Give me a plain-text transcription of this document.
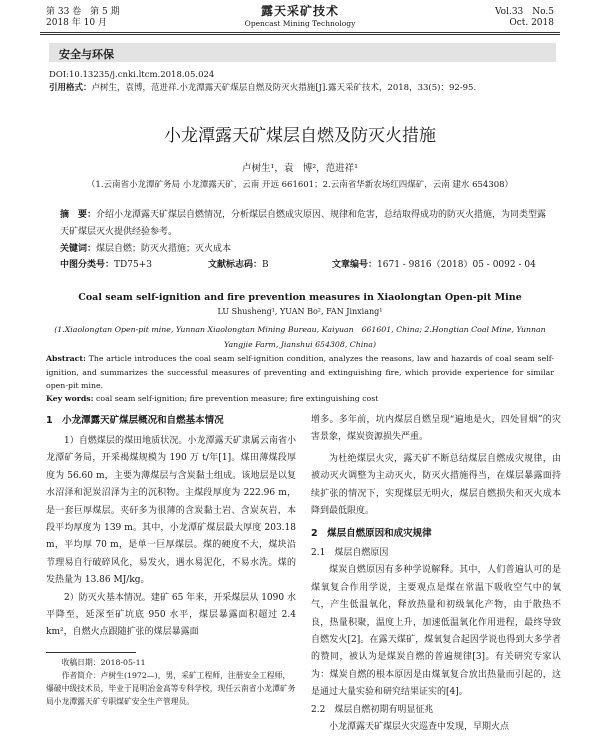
第 33 卷　第 5 期
2018 年 10 月
露天采矿技术
Opencast Mining Technology
Vol.33　No.5
Oct. 2018
安全与环保
DOI:10.13235/j.cnki.ltcm.2018.05.024
引用格式：卢树生，袁博，范进祥.小龙潭露天矿煤层自燃及防灭火措施[J].露天采矿技术，2018，33(5)：92-95.
小龙潭露天矿煤层自燃及防灭火措施
卢树生¹，袁　博²，范进祥¹
（1.云南省小龙潭矿务局 小龙潭露天矿，云南 开远 661601；2.云南省华新农场红四煤矿，云南 建水 654308）
摘　要：介绍小龙潭露天矿煤层自燃情况，分析煤层自燃成灾原因、规律和危害，总结取得成功的防灭火措施，为同类型露天矿煤层灭火提供经验参考。
关键词：煤层自燃；防灭火措施；灭火成本
中图分类号：TD75+3	文献标志码：B	文章编号：1671 - 9816（2018）05 - 0092 - 04
Coal seam self-ignition and fire prevention measures in Xiaolongtan Open-pit Mine
LU Shusheng¹, YUAN Bo², FAN Jinxiang¹
(1.Xiaolongtan Open-pit mine, Yunnan Xiaolongtan Mining Bureau, Kaiyuan　661601, China; 2.Hongtian Coal Mine, Yunnan
Yangjie Farm, Jianshui 654308, China)
Abstract: The article introduces the coal seam self-ignition condition, analyzes the reasons, law and hazards of coal seam self-ignition, and summarizes the successful measures of preventing and extinguishing fire, which provide experience for similar open-pit mine.
Key words: coal seam self-ignition; fire prevention measure; fire extinguishing cost
1　小龙潭露天矿煤层概况和自燃基本情况

1）自燃煤层的煤田地质状况。小龙潭露天矿隶属云南省小龙潭矿务局，开采褐煤规模为 190 万 t/年[1]。煤田薄煤段厚度为 56.60 m，主要为薄煤层与含炭黏土组成。该地层是以复水沼泽和泥炭沼泽为主的沉积物。主煤段厚度为 222.96 m，是一套巨厚煤层。夹矸多为很薄的含炭黏土岩、含炭灰岩，本段平均厚度为 139 m。其中，小龙潭矿煤层最大厚度 203.18 m，平均厚 70 m，是单一巨厚煤层。煤的硬度不大，煤块沿节理易自行破碎风化，易发火，遇水易泥化，不易水洗。煤的发热量为 13.86 MJ/kg。

2）防灭火基本情况。建矿 65 年来，开采煤层从 1090 水平降至，延深至矿坑底 950 水平，煤层暴露面积超过 2.4 km²，自燃火点跟随扩张的煤层暴露面

收稿日期：2018-05-11
作者简介：卢树生(1972—)，男，采矿工程师，注册安全工程师，爆破中级技术员，毕业于昆明冶金高等专科学校，现任云南省小龙潭矿务局小龙潭露天矿专职煤矿安全生产管理员。

增多。多年前，坑内煤层自燃呈现“遍地是火，四处冒烟”的灾害景象，煤炭资源损失严重。

为杜绝煤层火灾，露天矿不断总结煤层自燃成灾规律，由被动灭火调整为主动灭火，防灭火措施得当，在煤层暴露面持续扩张的情况下，实现煤层无明火，煤层自燃损失和灭火成本降到最低限度。

2　煤层自燃原因和成灾规律
2.1　 煤层自燃原因

煤炭自燃原因有多种学说解释。其中，人们普遍认可的是煤氧复合作用学说，主要观点是煤在常温下吸收空气中的氧气，产生低温氧化，释放热量和初级氧化产物，由于散热不良，热量积聚，温度上升，加速低温氧化作用进程，最终导致自燃发火[2]。在露天煤矿，煤氧复合起因学说也得到大多学者的赞同，被认为是煤炭自燃的普遍规律[3]。有关研究专家认为：煤炭自燃的根本原因是由煤氧复合放出热量而引起的，这是通过大量实验和研究结果证实的[4]。

2.2　 煤层自燃初期有明显征兆

小龙潭露天矿煤层火灾巡查中发现，早期火点
